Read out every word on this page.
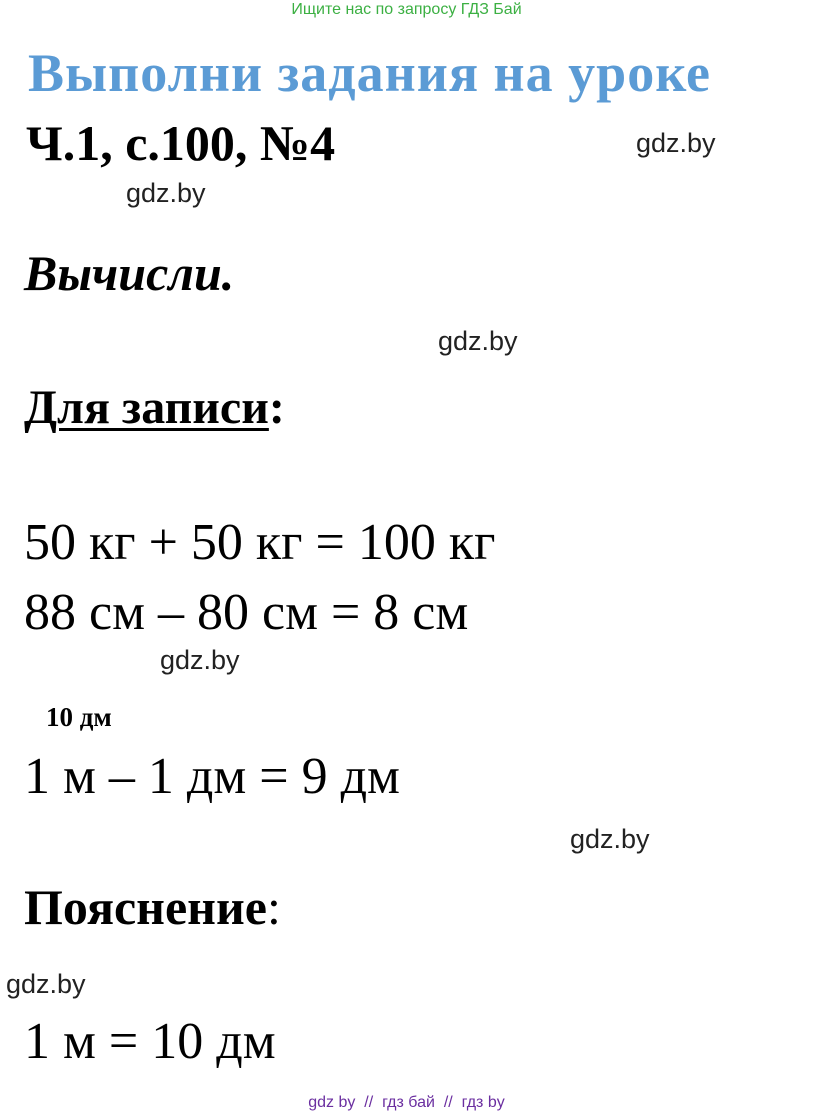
Ищите нас по запросу ГДЗ Бай
Выполни задания на уроке
Ч.1, с.100, №4	gdz.by
gdz.by
Вычисли.
gdz.by
Для записи:
50 кг + 50 кг = 100 кг
88 см – 80 см = 8 см
gdz.by
10 дм
1 м – 1 дм = 9 дм
gdz.by
Пояснение:
gdz.by
1 м = 10 дм
gdz by  //  гдз бай  //  гдз by
